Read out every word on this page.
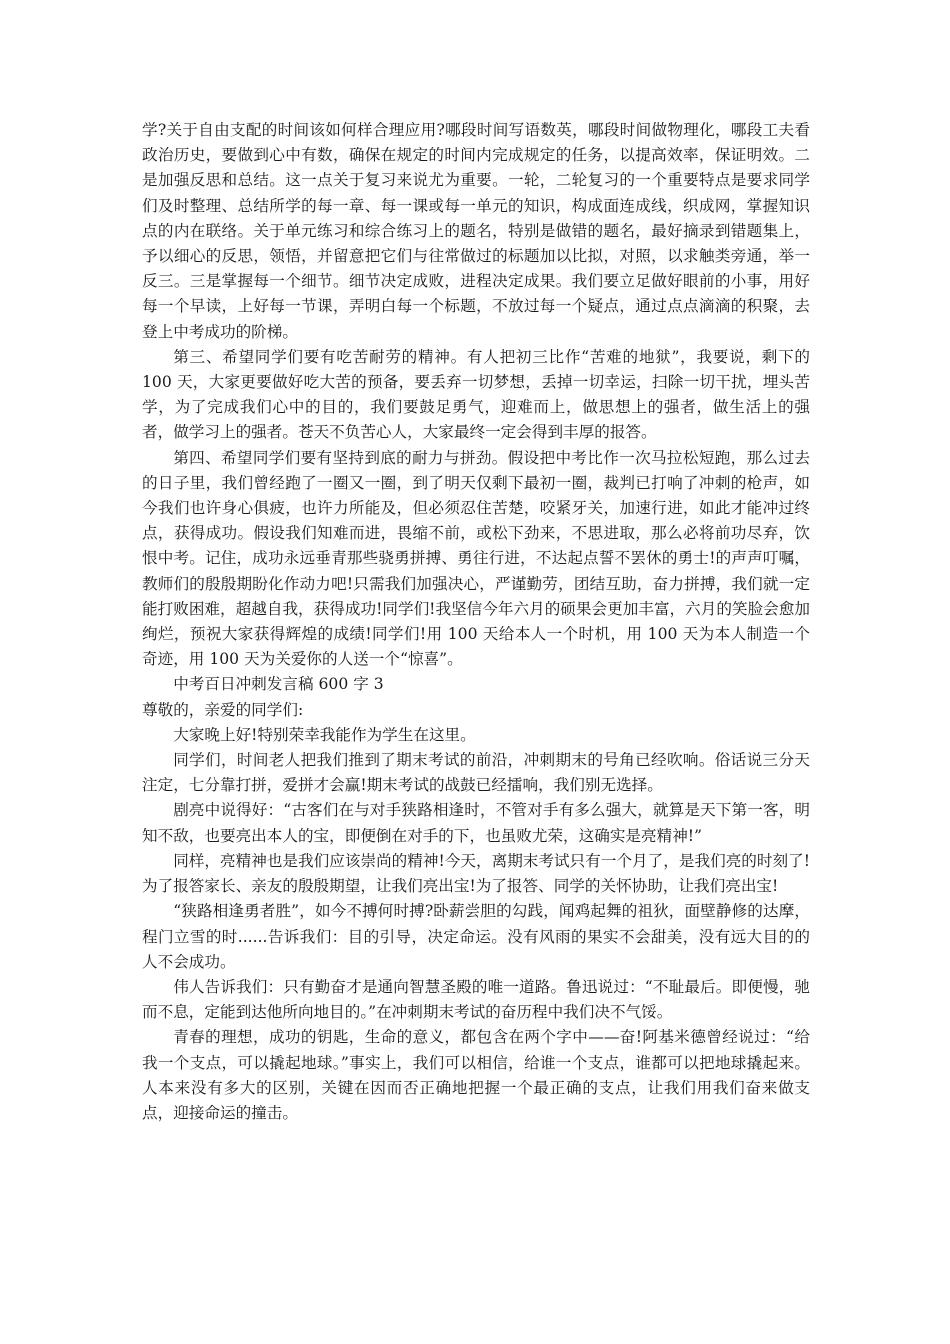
学?关于自由支配的时间该如何样合理应用?哪段时间写语数英，哪段时间做物理化，哪段工夫看政治历史，要做到心中有数，确保在规定的时间内完成规定的任务，以提高效率，保证明效。二是加强反思和总结。这一点关于复习来说尤为重要。一轮，二轮复习的一个重要特点是要求同学们及时整理、总结所学的每一章、每一课或每一单元的知识，构成面连成线，织成网，掌握知识点的内在联络。关于单元练习和综合练习上的题名，特别是做错的题名，最好摘录到错题集上，予以细心的反思，领悟，并留意把它们与往常做过的标题加以比拟，对照，以求触类旁通，举一反三。三是掌握每一个细节。细节决定成败，进程决定成果。我们要立足做好眼前的小事，用好每一个早读，上好每一节课，弄明白每一个标题，不放过每一个疑点，通过点点滴滴的积聚，去登上中考成功的阶梯。

第三、希望同学们要有吃苦耐劳的精神。有人把初三比作“苦难的地狱”，我要说，剩下的 100 天，大家更要做好吃大苦的预备，要丢弃一切梦想，丢掉一切幸运，扫除一切干扰，埋头苦学，为了完成我们心中的目的，我们要鼓足勇气，迎难而上，做思想上的强者，做生活上的强者，做学习上的强者。苍天不负苦心人，大家最终一定会得到丰厚的报答。

第四、希望同学们要有坚持到底的耐力与拼劲。假设把中考比作一次马拉松短跑，那么过去的日子里，我们曾经跑了一圈又一圈，到了明天仅剩下最初一圈，裁判已打响了冲刺的枪声，如今我们也许身心俱疲，也许力所能及，但必须忍住苦楚，咬紧牙关，加速行进，如此才能冲过终点，获得成功。假设我们知难而进，畏缩不前，或松下劲来，不思进取，那么必将前功尽弃，饮恨中考。记住，成功永远垂青那些骁勇拼搏、勇往行进，不达起点誓不罢休的勇士!的声声叮嘱，教师们的殷殷期盼化作动力吧!只需我们加强决心，严谨勤劳，团结互助，奋力拼搏，我们就一定能打败困难，超越自我，获得成功!同学们!我坚信今年六月的硕果会更加丰富，六月的笑脸会愈加绚烂，预祝大家获得辉煌的成绩!同学们!用 100 天给本人一个时机，用 100 天为本人制造一个奇迹，用 100 天为关爱你的人送一个“惊喜”。

中考百日冲刺发言稿 600 字 3

尊敬的，亲爱的同学们:

大家晚上好!特别荣幸我能作为学生在这里。

同学们，时间老人把我们推到了期末考试的前沿，冲刺期末的号角已经吹响。俗话说三分天注定，七分靠打拼，爱拼才会赢!期末考试的战鼓已经擂响，我们别无选择。

剧亮中说得好：“古客们在与对手狭路相逢时，不管对手有多么强大，就算是天下第一客，明知不敌，也要亮出本人的宝，即便倒在对手的下，也虽败尤荣，这确实是亮精神!”

同样，亮精神也是我们应该崇尚的精神!今天，离期末考试只有一个月了，是我们亮的时刻了!为了报答家长、亲友的殷殷期望，让我们亮出宝!为了报答、同学的关怀协助，让我们亮出宝!

“狭路相逢勇者胜”，如今不搏何时搏?卧薪尝胆的勾践，闻鸡起舞的祖狄，面壁静修的达摩，程门立雪的时......告诉我们：目的引导，决定命运。没有风雨的果实不会甜美，没有远大目的的人不会成功。

伟人告诉我们：只有勤奋才是通向智慧圣殿的唯一道路。鲁迅说过：“不耻最后。即便慢，驰而不息，定能到达他所向地目的。”在冲刺期末考试的奋历程中我们决不气馁。

青春的理想，成功的钥匙，生命的意义，都包含在两个字中——奋!阿基米德曾经说过：“给我一个支点，可以撬起地球。”事实上，我们可以相信，给谁一个支点，谁都可以把地球撬起来。人本来没有多大的区别，关键在因而否正确地把握一个最正确的支点，让我们用我们奋来做支点，迎接命运的撞击。
